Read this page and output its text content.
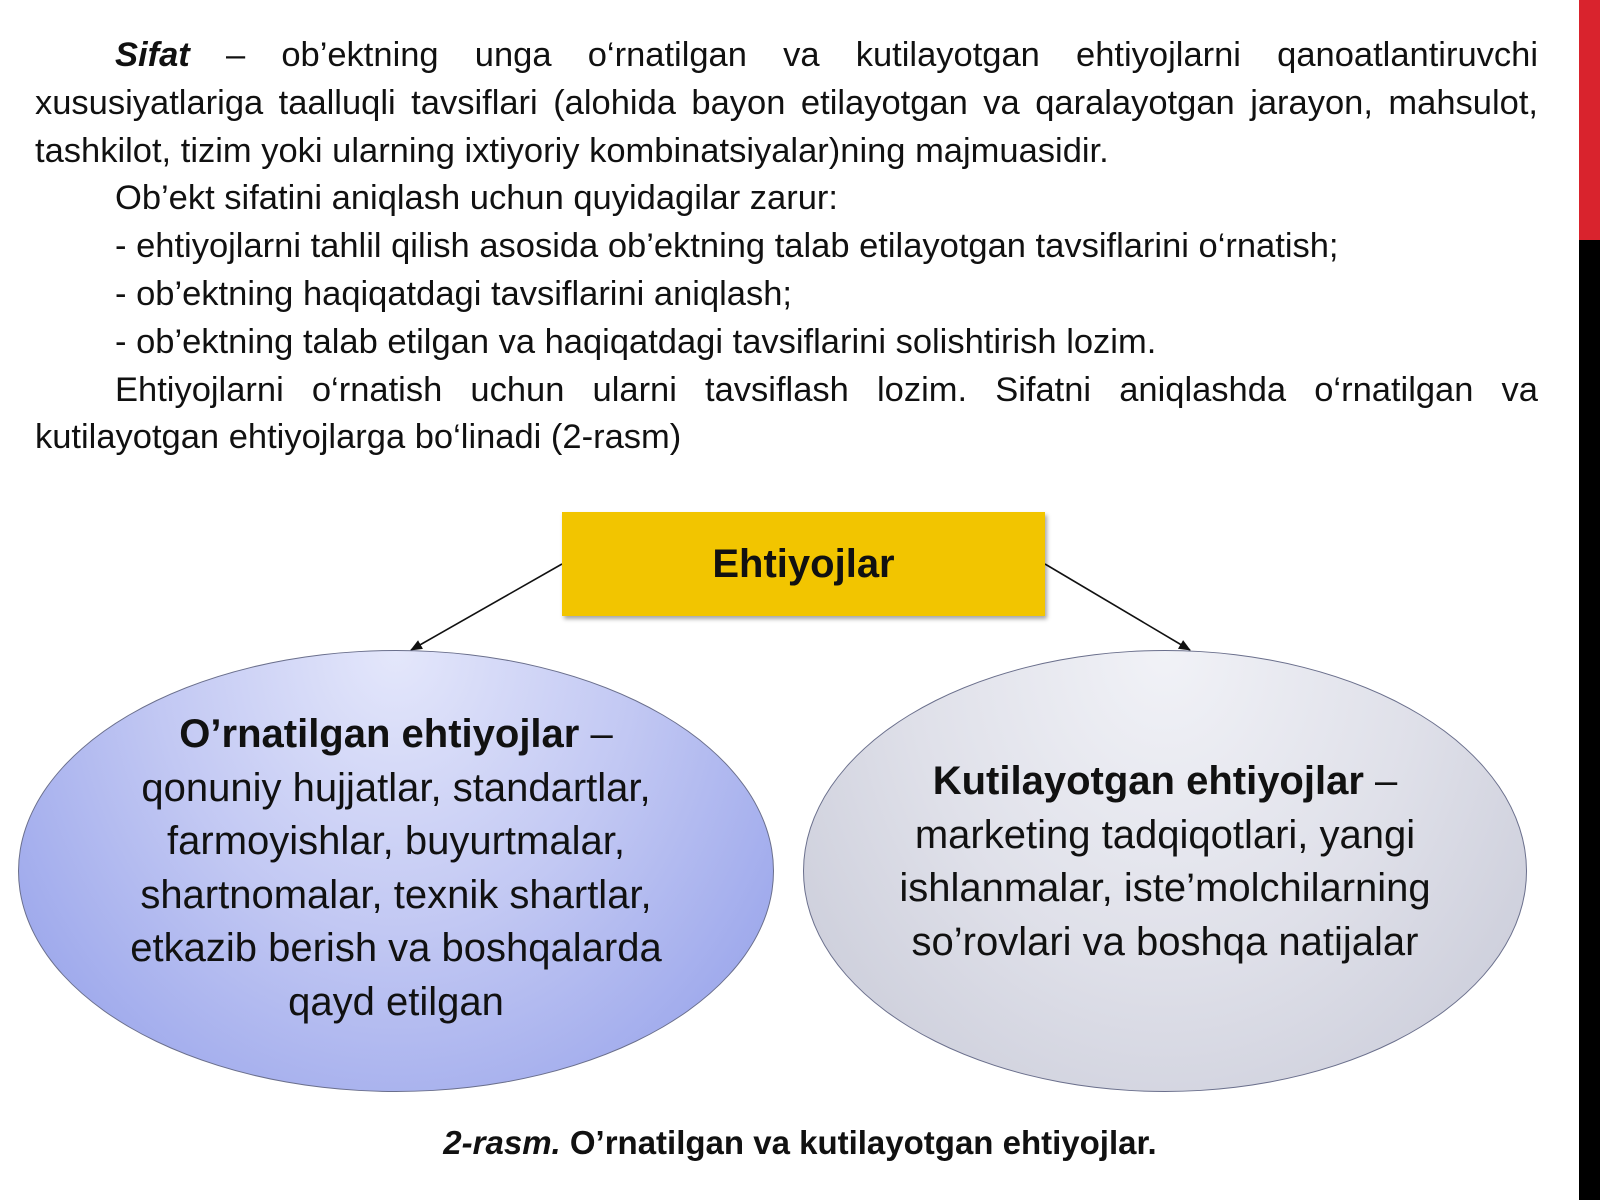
Sifat – ob’ektning unga o‘rnatilgan va kutilayotgan ehtiyojlarni qanoatlantiruvchi xususiyatlariga taalluqli tavsiflari (alohida bayon etilayotgan va qaralayotgan jarayon, mahsulot, tashkilot, tizim yoki ularning ixtiyoriy kombinatsiyalar)ning majmuasidir.

Ob’ekt sifatini aniqlash uchun quyidagilar zarur:

- ehtiyojlarni tahlil qilish asosida ob’ektning talab etilayotgan tavsiflarini o‘rnatish;

- ob’ektning haqiqatdagi tavsiflarini aniqlash;

- ob’ektning talab etilgan va haqiqatdagi tavsiflarini solishtirish lozim.

Ehtiyojlarni o‘rnatish uchun ularni tavsiflash lozim. Sifatni aniqlashda o‘rnatilgan va kutilayotgan ehtiyojlarga bo‘linadi (2-rasm)

Ehtiyojlar
O’rnatilgan ehtiyojlar –
qonuniy hujjatlar, standartlar,
farmoyishlar, buyurtmalar,
shartnomalar, texnik shartlar,
etkazib berish va boshqalarda
qayd etilgan
Kutilayotgan ehtiyojlar –
marketing tadqiqotlari, yangi
ishlanmalar, iste’molchilarning
so’rovlari va boshqa natijalar
2-rasm. O’rnatilgan va kutilayotgan ehtiyojlar.
